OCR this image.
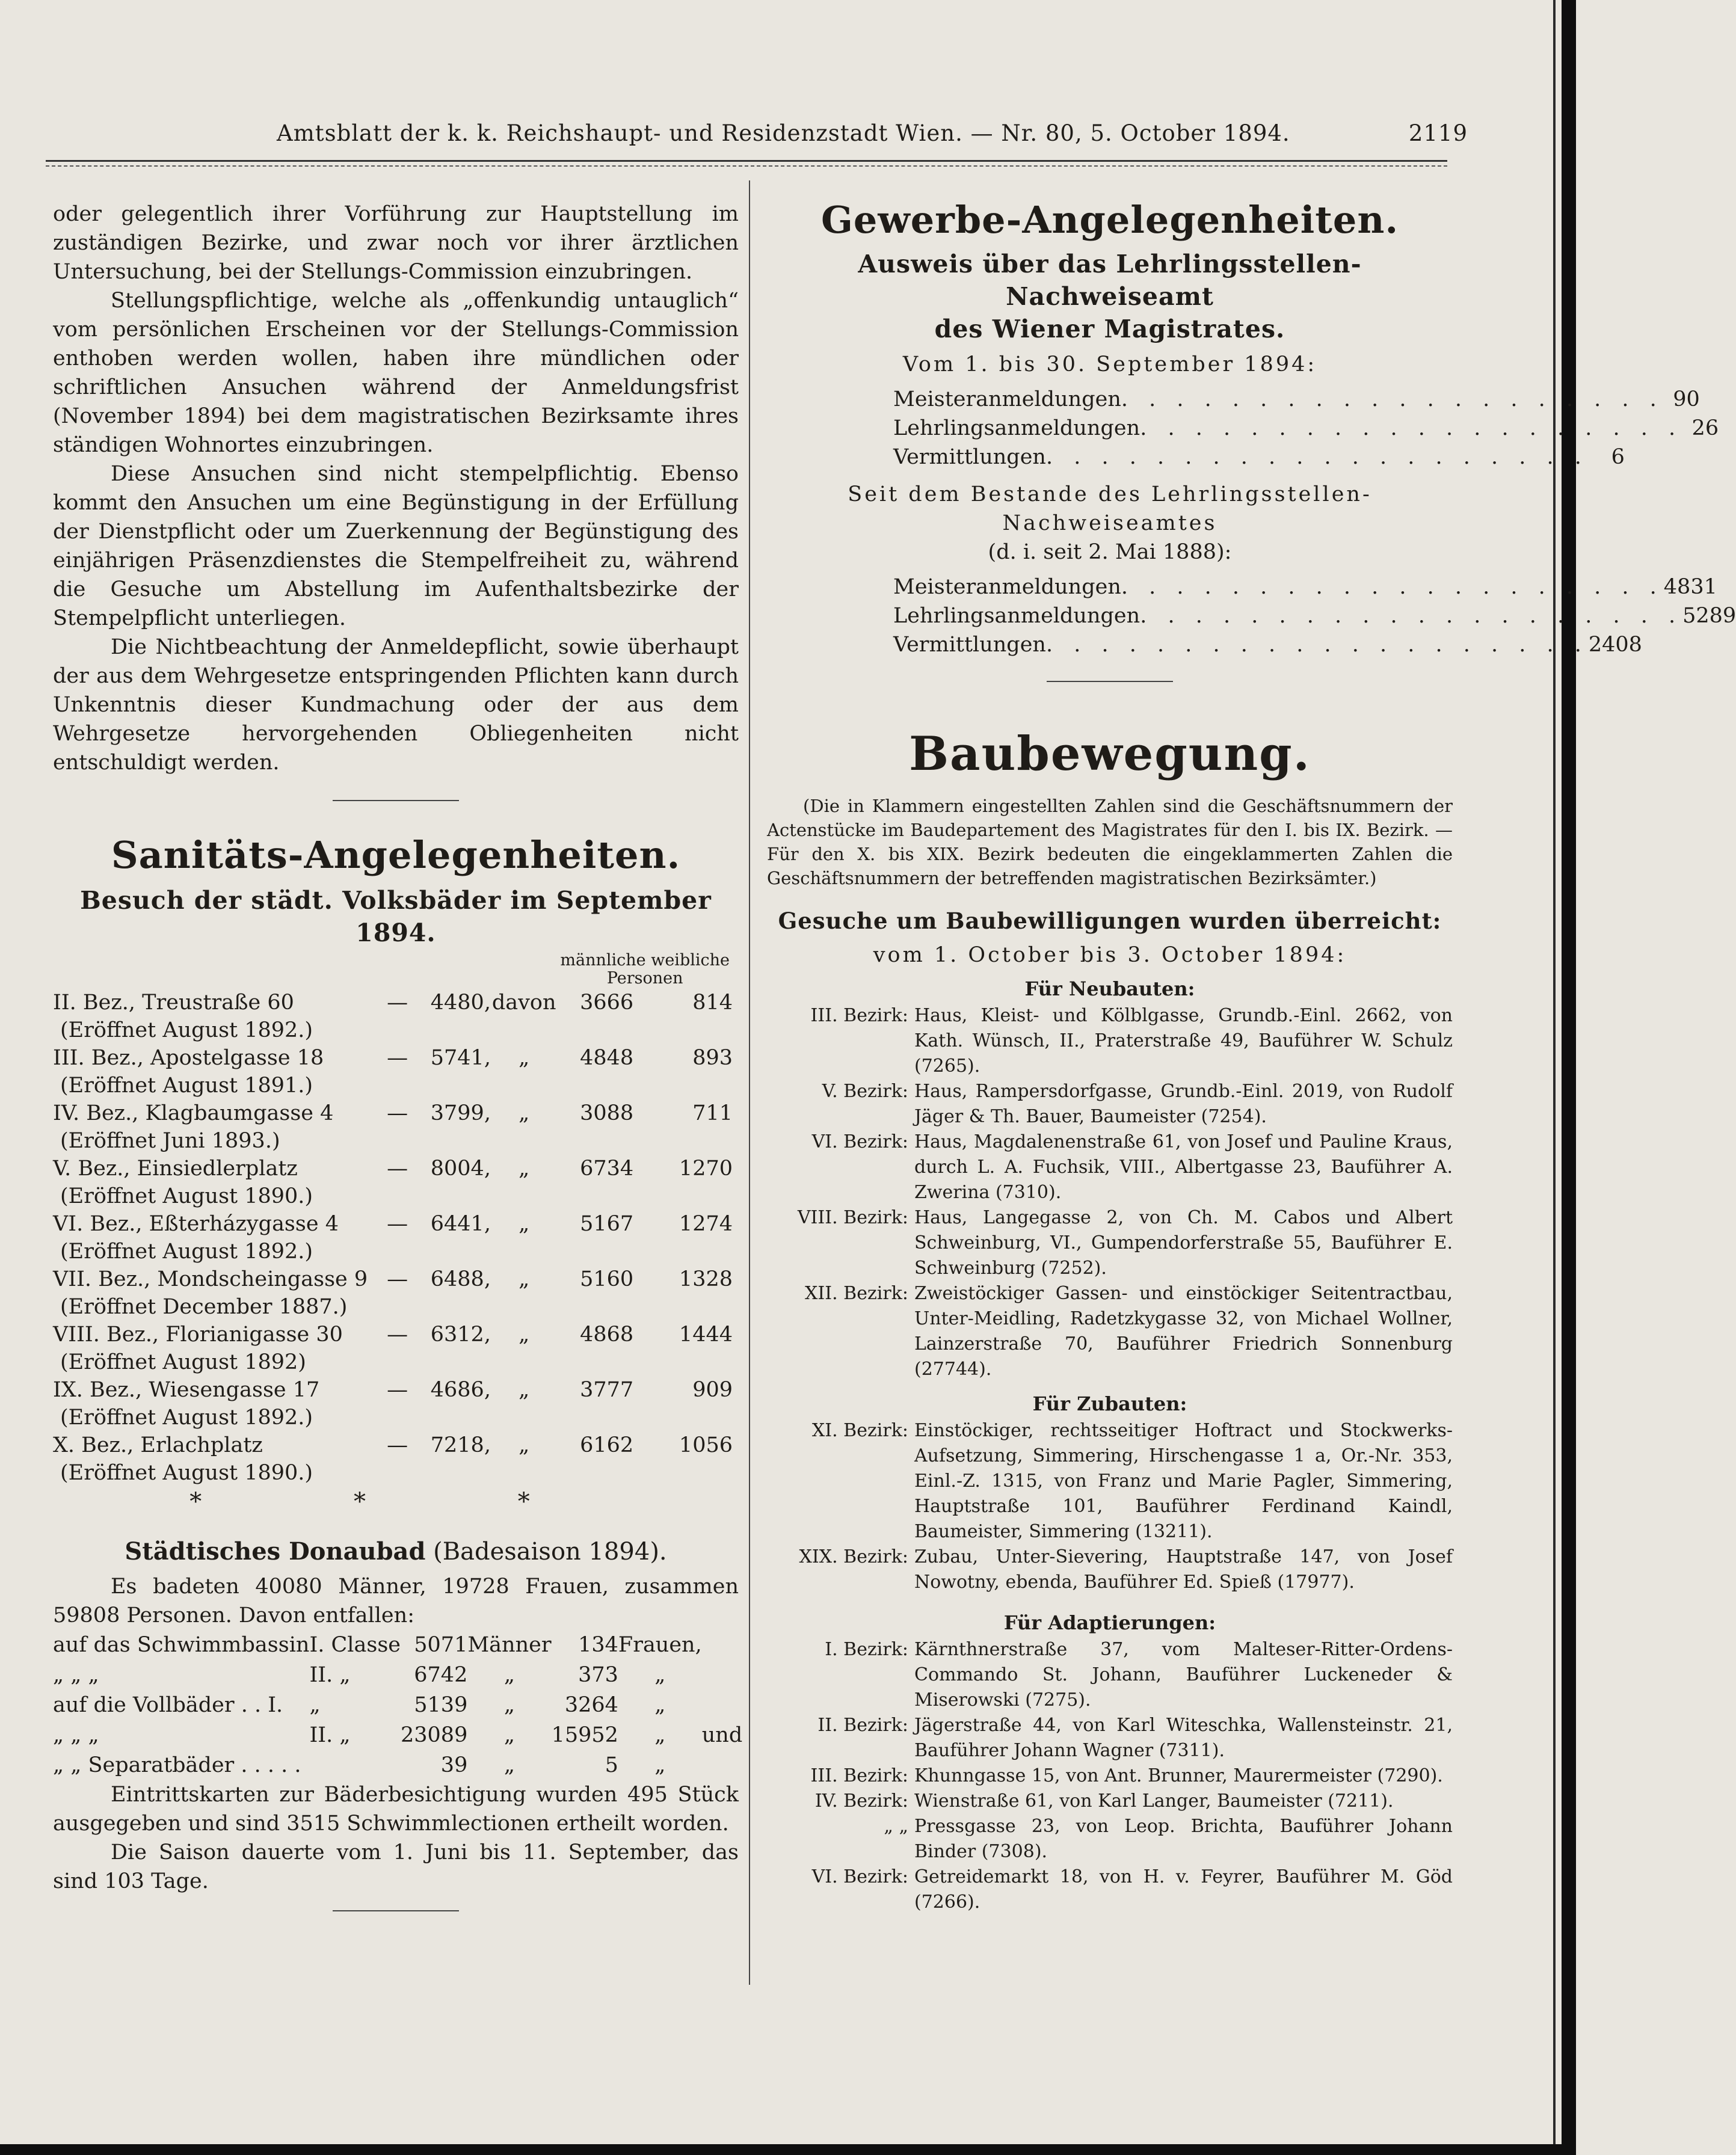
Amtsblatt der k. k. Reichshaupt- und Residenzstadt Wien. — Nr. 80, 5. October 1894.	2119

oder gelegentlich ihrer Vorführung zur Hauptstellung im zuständigen Bezirke, und zwar noch vor ihrer ärztlichen Untersuchung, bei der Stellungs-Commission einzubringen.

Stellungspflichtige, welche als „offenkundig untauglich“ vom persönlichen Erscheinen vor der Stellungs-Commission enthoben werden wollen, haben ihre mündlichen oder schriftlichen Ansuchen während der Anmeldungsfrist (November 1894) bei dem magistratischen Bezirksamte ihres ständigen Wohnortes einzubringen.

Diese Ansuchen sind nicht stempelpflichtig. Ebenso kommt den Ansuchen um eine Begünstigung in der Erfüllung der Dienstpflicht oder um Zuerkennung der Begünstigung des einjährigen Präsenzdienstes die Stempelfreiheit zu, während die Gesuche um Abstellung im Aufenthaltsbezirke der Stempelpflicht unterliegen.

Die Nichtbeachtung der Anmeldepflicht, sowie überhaupt der aus dem Wehrgesetze entspringenden Pflichten kann durch Unkenntnis dieser Kundmachung oder der aus dem Wehrgesetze hervorgehenden Obliegenheiten nicht entschuldigt werden.

Sanitäts-Angelegenheiten.
Besuch der städt. Volksbäder im September 1894.
				männliche weibliche
Personen	
II. Bez., Treustraße 60	—	4480,	davon	3666	814
(Eröffnet August 1892.)					
III. Bez., Apostelgasse 18	—	5741,	„	4848	893
(Eröffnet August 1891.)					
IV. Bez., Klagbaumgasse 4	—	3799,	„	3088	711
(Eröffnet Juni 1893.)					
V. Bez., Einsiedlerplatz	—	8004,	„	6734	1270
(Eröffnet August 1890.)					
VI. Bez., Eßterházygasse 4	—	6441,	„	5167	1274
(Eröffnet August 1892.)					
VII. Bez., Mondscheingasse 9	—	6488,	„	5160	1328
(Eröffnet December 1887.)					
VIII. Bez., Florianigasse 30	—	6312,	„	4868	1444
(Eröffnet August 1892)					
IX. Bez., Wiesengasse 17	—	4686,	„	3777	909
(Eröffnet August 1892.)					
X. Bez., Erlachplatz	—	7218,	„	6162	1056
(Eröffnet August 1890.)					
* * *
Städtisches Donaubad (Badesaison 1894).

Es badeten 40080 Männer, 19728 Frauen, zusammen 59808 Personen. Davon entfallen:

auf das Schwimmbassin	I. Classe	5071	Männer	134	Frauen,	
„ „ „	II. „	6742	„	373	„	
auf die Vollbäder . . I.	„	5139	„	3264	„	
„ „ „	II. „	23089	„	15952	„	und
„ „ Separatbäder . . . . .		39	„	5	„	

Eintrittskarten zur Bäderbesichtigung wurden 495 Stück ausgegeben und sind 3515 Schwimmlectionen ertheilt worden.

Die Saison dauerte vom 1. Juni bis 11. September, das sind 103 Tage.

Gewerbe-Angelegenheiten.
Ausweis über das Lehrlingsstellen-Nachweiseamt
des Wiener Magistrates.
Vom 1. bis 30. September 1894:
Meisteranmeldungen . . . . . . . . . . . . . . . . . . . . 90
Lehrlingsanmeldungen . . . . . . . . . . . . . . . . . . . . 26
Vermittlungen . . . . . . . . . . . . . . . . . . . .	6
Seit dem Bestande des Lehrlingsstellen-Nachweiseamtes
(d. i. seit 2. Mai 1888):
Meisteranmeldungen . . . . . . . . . . . . . . . . . . . . 4831
Lehrlingsanmeldungen . . . . . . . . . . . . . . . . . . . . 5289
Vermittlungen . . . . . . . . . . . . . . . . . . . . 2408
Baubewegung.

(Die in Klammern eingestellten Zahlen sind die Geschäftsnummern der Actenstücke im Baudepartement des Magistrates für den I. bis IX. Bezirk. — Für den X. bis XIX. Bezirk bedeuten die eingeklammerten Zahlen die Geschäftsnummern der betreffenden magistratischen Bezirksämter.)

Gesuche um Baubewilligungen wurden überreicht:
vom 1. October bis 3. October 1894:
Für Neubauten:
III. Bezirk: Haus, Kleist- und Kölblgasse, Grundb.-Einl. 2662, von Kath. Wünsch, II., Praterstraße 49, Bauführer W. Schulz (7265).
V. Bezirk: Haus, Rampersdorfgasse, Grundb.-Einl. 2019, von Rudolf Jäger & Th. Bauer, Baumeister (7254).
VI. Bezirk: Haus, Magdalenenstraße 61, von Josef und Pauline Kraus, durch L. A. Fuchsik, VIII., Albertgasse 23, Bauführer A. Zwerina (7310).
VIII. Bezirk: Haus, Langegasse 2, von Ch. M. Cabos und Albert Schweinburg, VI., Gumpendorferstraße 55, Bauführer E. Schweinburg (7252).
XII. Bezirk: Zweistöckiger Gassen- und einstöckiger Seitentractbau, Unter-Meidling, Radetzkygasse 32, von Michael Wollner, Lainzerstraße 70, Bauführer Friedrich Sonnenburg (27744).
Für Zubauten:
XI. Bezirk: Einstöckiger, rechtsseitiger Hoftract und Stockwerks-Aufsetzung, Simmering, Hirschengasse 1 a, Or.-Nr. 353, Einl.-Z. 1315, von Franz und Marie Pagler, Simmering, Hauptstraße 101, Bauführer Ferdinand Kaindl, Baumeister, Simmering (13211).
XIX. Bezirk: Zubau, Unter-Sievering, Hauptstraße 147, von Josef Nowotny, ebenda, Bauführer Ed. Spieß (17977).
Für Adaptierungen:
I. Bezirk: Kärnthnerstraße 37, vom Malteser-Ritter-Ordens-Commando St. Johann, Bauführer Luckeneder & Miserowski (7275).
II. Bezirk: Jägerstraße 44, von Karl Witeschka, Wallensteinstr. 21, Bauführer Johann Wagner (7311).
III. Bezirk: Khunngasse 15, von Ant. Brunner, Maurermeister (7290).
IV. Bezirk: Wienstraße 61, von Karl Langer, Baumeister (7211).
„ „ Pressgasse 23, von Leop. Brichta, Bauführer Johann Binder (7308).
VI. Bezirk: Getreidemarkt 18, von H. v. Feyrer, Bauführer M. Göd (7266).
